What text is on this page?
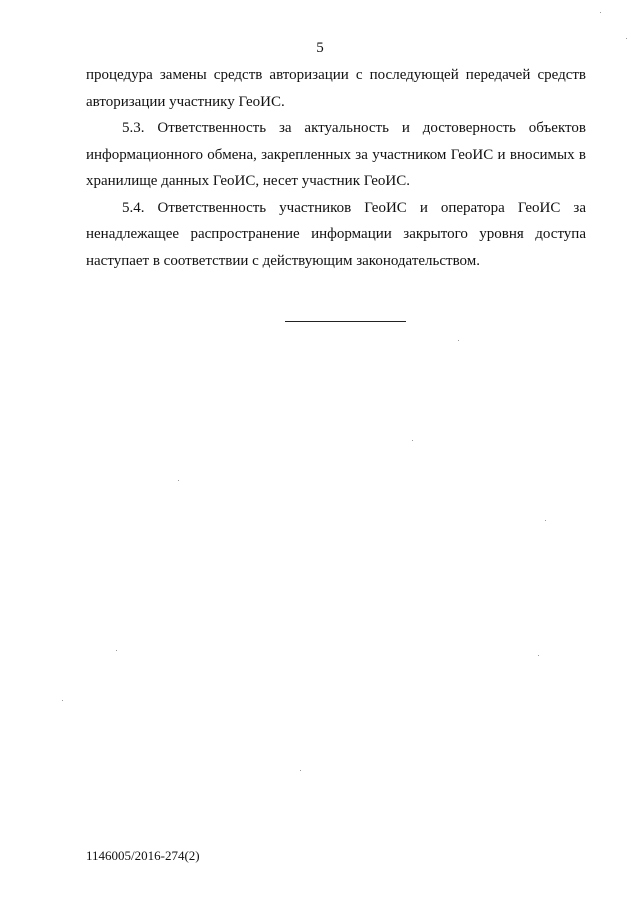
5

процедура замены средств авторизации с последующей передачей средств авторизации участнику ГеоИС.

5.3. Ответственность за актуальность и достоверность объектов информационного обмена, закрепленных за участником ГеоИС и вносимых в хранилище данных ГеоИС, несет участник ГеоИС.

5.4. Ответственность участников ГеоИС и оператора ГеоИС за ненадлежащее распространение информации закрытого уровня доступа наступает в соответствии с действующим законодательством.

1146005/2016-274(2)
